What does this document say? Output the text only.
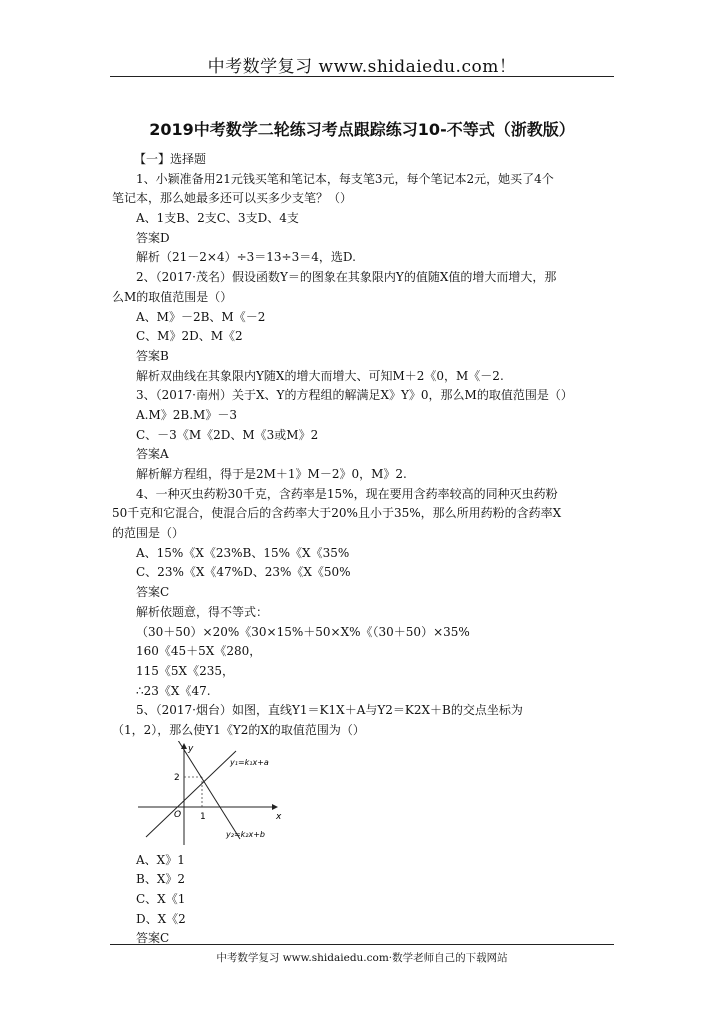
中考数学复习 www.shidaiedu.com！
2019中考数学二轮练习考点跟踪练习10-不等式（浙教版）
【一】选择题
1、小颖准备用21元钱买笔和笔记本，每支笔3元，每个笔记本2元，她买了4个
笔记本，那么她最多还可以买多少支笔？（）
A、1支B、2支C、3支D、4支
答案D
解析（21－2×4）÷3＝13÷3＝4，选D.
2、（2017·茂名）假设函数Y＝的图象在其象限内Y的值随X值的增大而增大，那
么M的取值范围是（）
A、M》－2B、M《－2
C、M》2D、M《2
答案B
解析双曲线在其象限内Y随X的增大而增大、可知M＋2《0，M《－2.
3、（2017·南州）关于X、Y的方程组的解满足X》Y》0，那么M的取值范围是（）
A.M》2B.M》－3
C、－3《M《2D、M《3或M》2
答案A
解析解方程组，得于是2M＋1》M－2》0，M》2.
4、一种灭虫药粉30千克，含药率是15%，现在要用含药率较高的同种灭虫药粉
50千克和它混合，使混合后的含药率大于20%且小于35%，那么所用药粉的含药率X
的范围是（）
A、15%《X《23%B、15%《X《35%
C、23%《X《47%D、23%《X《50%
答案C
解析依题意，得不等式：
（30＋50）×20%《30×15%＋50×X%《（30＋50）×35%
160《45＋5X《280，
115《5X《235，
∴23《X《47.
5、（2017·烟台）如图，直线Y1＝K1X＋A与Y2＝K2X＋B的交点坐标为
（1，2），那么使Y1《Y2的X的取值范围为（）
y
x
O 1
2
y₁=k₁x+a
y₂=k₂x+b
A、X》1
B、X》2
C、X《1
D、X《2
答案C
中考数学复习 www.shidaiedu.com·数学老师自己的下载网站
